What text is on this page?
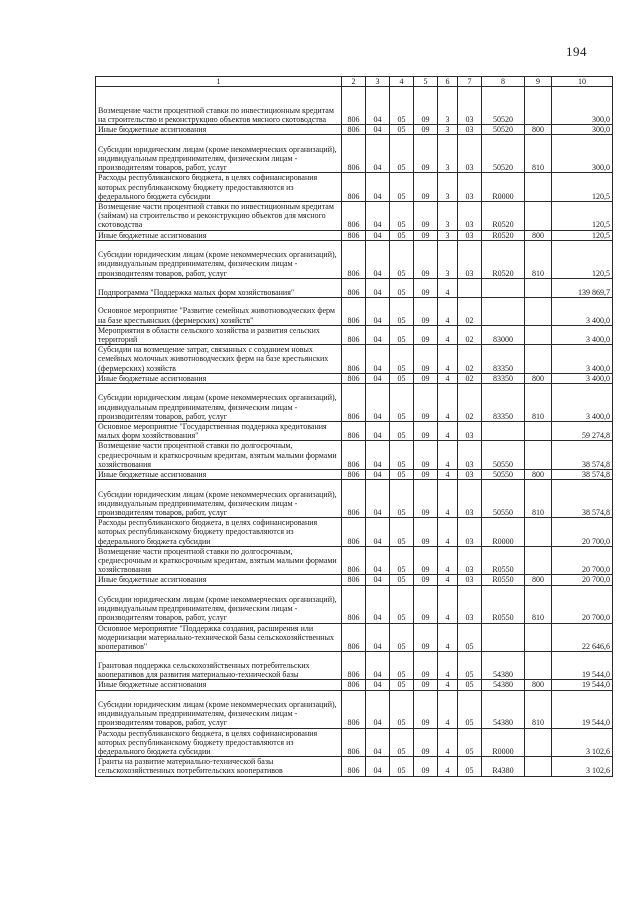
194
1	2	3	4	5	6	7	8	9	10
Возмещение части процентной ставки по инвестиционным кредитам на строительство и реконструкцию объектов мясного скотоводства	806	04	05	09	3	03	50520		300,0
Иные бюджетные ассигнования	806	04	05	09	3	03	50520	800	300,0
Субсидии юридическим лицам (кроме некоммерческих организаций), индивидуальным предпринимателям, физическим лицам - производителям товаров, работ, услуг	806	04	05	09	3	03	50520	810	300,0
Расходы республиканского бюджета, в целях софинансирования которых республиканскому бюджету предоставляются из федерального бюджета субсидии	806	04	05	09	3	03	R0000		120,5
Возмещение части процентной ставки по инвестиционным кредитам (займам) на строительство и реконструкцию объектов для мясного скотоводства	806	04	05	09	3	03	R0520		120,5
Иные бюджетные ассигнования	806	04	05	09	3	03	R0520	800	120,5
Субсидии юридическим лицам (кроме некоммерческих организаций), индивидуальным предпринимателям, физическим лицам - производителям товаров, работ, услуг	806	04	05	09	3	03	R0520	810	120,5
Подпрограмма "Поддержка малых форм хозяйствования"	806	04	05	09	4				139 869,7
Основное мероприятие "Развитие семейных животноводческих ферм на базе крестьянских (фермерских) хозяйств"	806	04	05	09	4	02			3 400,0
Мероприятия в области сельского хозяйства и развития сельских территорий	806	04	05	09	4	02	83000		3 400,0
Субсидии на возмещение затрат, связанных с созданием новых семейных молочных животноводческих ферм на базе крестьянских (фермерских) хозяйств	806	04	05	09	4	02	83350		3 400,0
Иные бюджетные ассигнования	806	04	05	09	4	02	83350	800	3 400,0
Субсидии юридическим лицам (кроме некоммерческих организаций), индивидуальным предпринимателям, физическим лицам - производителям товаров, работ, услуг	806	04	05	09	4	02	83350	810	3 400,0
Основное мероприятие "Государственная поддержка кредитования малых форм хозяйствования"	806	04	05	09	4	03			59 274,8
Возмещение части процентной ставки по долгосрочным, среднесрочным и краткосрочным кредитам, взятым малыми формами хозяйствования	806	04	05	09	4	03	50550		38 574,8
Иные бюджетные ассигнования	806	04	05	09	4	03	50550	800	38 574,8
Субсидии юридическим лицам (кроме некоммерческих организаций), индивидуальным предпринимателям, физическим лицам - производителям товаров, работ, услуг	806	04	05	09	4	03	50550	810	38 574,8
Расходы республиканского бюджета, в целях софинансирования которых республиканскому бюджету предоставляются из федерального бюджета субсидии	806	04	05	09	4	03	R0000		20 700,0
Возмещение части процентной ставки по долгосрочным, среднесрочным и краткосрочным кредитам, взятым малыми формами хозяйствования	806	04	05	09	4	03	R0550		20 700,0
Иные бюджетные ассигнования	806	04	05	09	4	03	R0550	800	20 700,0
Субсидии юридическим лицам (кроме некоммерческих организаций), индивидуальным предпринимателям, физическим лицам - производителям товаров, работ, услуг	806	04	05	09	4	03	R0550	810	20 700,0
Основное мероприятие "Поддержка создания, расширения или модернизации материально-технической базы сельскохозяйственных кооперативов"	806	04	05	09	4	05			22 646,6
Грантовая поддержка сельскохозяйственных потребительских кооперативов для развития материально-технической базы	806	04	05	09	4	05	54380		19 544,0
Иные бюджетные ассигнования	806	04	05	09	4	05	54380	800	19 544,0
Субсидии юридическим лицам (кроме некоммерческих организаций), индивидуальным предпринимателям, физическим лицам - производителям товаров, работ, услуг	806	04	05	09	4	05	54380	810	19 544,0
Расходы республиканского бюджета, в целях софинансирования которых республиканскому бюджету предоставляются из федерального бюджета субсидии	806	04	05	09	4	05	R0000		3 102,6
Гранты на развитие материально-технической базы сельскохозяйственных потребительских кооперативов	806	04	05	09	4	05	R4380		3 102,6
